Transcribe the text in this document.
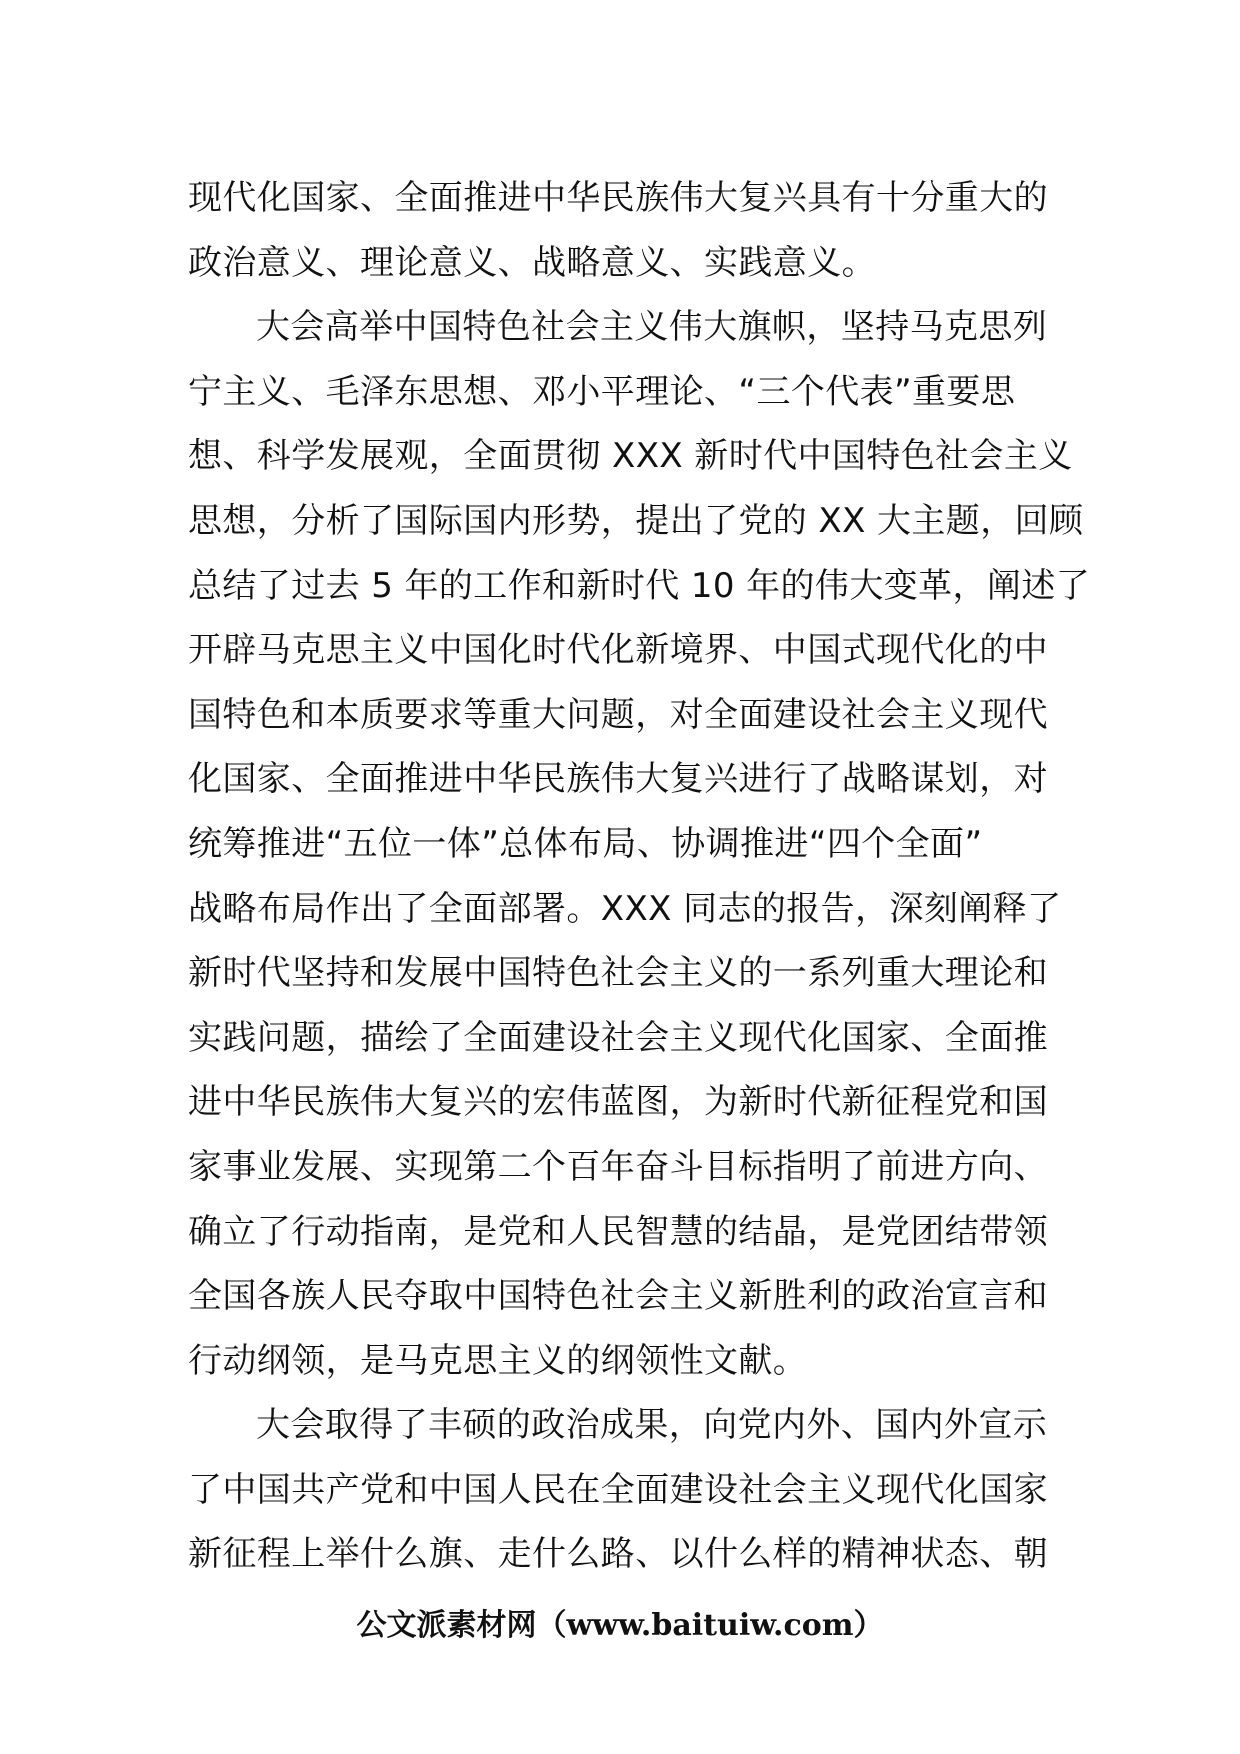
现代化国家、全面推进中华民族伟大复兴具有十分重大的
政治意义、理论意义、战略意义、实践意义。
大会高举中国特色社会主义伟大旗帜，坚持马克思列
宁主义、毛泽东思想、邓小平理论、“三个代表”重要思
想、科学发展观，全面贯彻 XXX 新时代中国特色社会主义
思想，分析了国际国内形势，提出了党的 XX 大主题，回顾
总结了过去 5 年的工作和新时代 10 年的伟大变革，阐述了
开辟马克思主义中国化时代化新境界、中国式现代化的中
国特色和本质要求等重大问题，对全面建设社会主义现代
化国家、全面推进中华民族伟大复兴进行了战略谋划，对
统筹推进“五位一体”总体布局、协调推进“四个全面”
战略布局作出了全面部署。XXX 同志的报告，深刻阐释了
新时代坚持和发展中国特色社会主义的一系列重大理论和
实践问题，描绘了全面建设社会主义现代化国家、全面推
进中华民族伟大复兴的宏伟蓝图，为新时代新征程党和国
家事业发展、实现第二个百年奋斗目标指明了前进方向、
确立了行动指南，是党和人民智慧的结晶，是党团结带领
全国各族人民夺取中国特色社会主义新胜利的政治宣言和
行动纲领，是马克思主义的纲领性文献。
大会取得了丰硕的政治成果，向党内外、国内外宣示
了中国共产党和中国人民在全面建设社会主义现代化国家
新征程上举什么旗、走什么路、以什么样的精神状态、朝
公文派素材网（www.baituiw.com）
